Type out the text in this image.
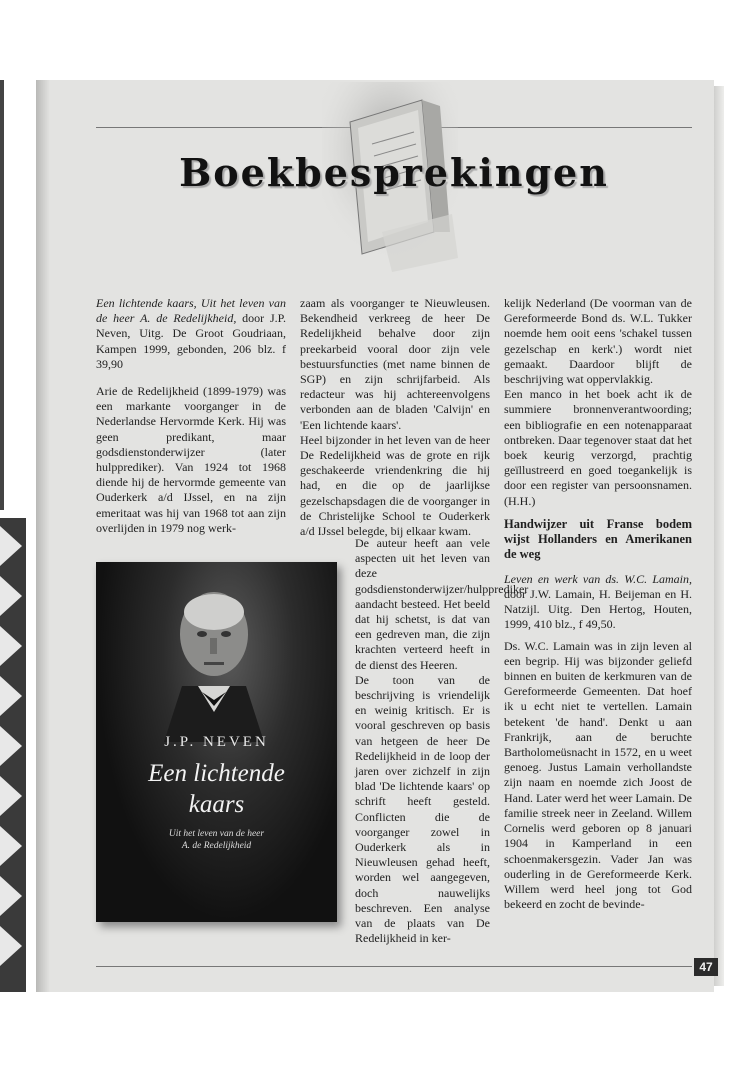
Boekbesprekingen

Een lichtende kaars, Uit het leven van de heer A. de Redelijkheid, door J.P. Neven, Uitg. De Groot Goudriaan, Kampen 1999, gebonden, 206 blz. f 39,90

Arie de Redelijkheid (1899-1979) was een markante voorganger in de Nederlandse Hervormde Kerk. Hij was geen predikant, maar godsdienstonderwijzer (later hulpprediker). Van 1924 tot 1968 diende hij de hervormde gemeente van Ouderkerk a/d IJssel, en na zijn emeritaat was hij van 1968 tot aan zijn overlijden in 1979 nog werk-

zaam als voorganger te Nieuwleusen. Bekendheid verkreeg de heer De Redelijkheid behalve door zijn preekarbeid vooral door zijn vele bestuursfuncties (met name binnen de SGP) en zijn schrijfarbeid. Als redacteur was hij achtereenvolgens verbonden aan de bladen 'Calvijn' en 'Een lichtende kaars'.

Heel bijzonder in het leven van de heer De Redelijkheid was de grote en rijk geschakeerde vriendenkring die hij had, en die op de jaarlijkse gezelschapsdagen die de voorganger in de Christelijke School te Ouderkerk a/d IJssel belegde, bij elkaar kwam.

De auteur heeft aan vele aspecten uit het leven van deze godsdienstonderwijzer/hulpprediker aandacht besteed. Het beeld dat hij schetst, is dat van een gedreven man, die zijn krachten verteerd heeft in de dienst des Heeren.

De toon van de beschrijving is vriendelijk en weinig kritisch. Er is vooral geschreven op basis van hetgeen de heer De Redelijkheid in de loop der jaren over zichzelf in zijn blad 'De lichtende kaars' op schrift heeft gesteld. Conflicten die de voorganger zowel in Ouderkerk als in Nieuwleusen gehad heeft, worden wel aangegeven, doch nauwelijks beschreven. Een analyse van de plaats van De Redelijkheid in ker-

kelijk Nederland (De voorman van de Gereformeerde Bond ds. W.L. Tukker noemde hem ooit eens 'schakel tussen gezelschap en kerk'.) wordt niet gemaakt. Daardoor blijft de beschrijving wat oppervlakkig.

Een manco in het boek acht ik de summiere bronnenverantwoording; een bibliografie en een notenapparaat ontbreken. Daar tegenover staat dat het boek keurig verzorgd, prachtig geïllustreerd en goed toegankelijk is door een register van persoonsnamen. (H.H.)

Handwijzer uit Franse bodem wijst Hollanders en Amerikanen de weg

Leven en werk van ds. W.C. Lamain, door J.W. Lamain, H. Beijeman en H. Natzijl. Uitg. Den Hertog, Houten, 1999, 410 blz., f 49,50.

Ds. W.C. Lamain was in zijn leven al een begrip. Hij was bijzonder geliefd binnen en buiten de kerkmuren van de Gereformeerde Gemeenten. Dat hoef ik u echt niet te vertellen. Lamain betekent 'de hand'. Denkt u aan Frankrijk, aan de beruchte Bartholomeüsnacht in 1572, en u weet genoeg. Justus Lamain verhollandste zijn naam en noemde zich Joost de Hand. Later werd het weer Lamain. De familie streek neer in Zeeland. Willem Cornelis werd geboren op 8 januari 1904 in Kamperland in een schoenmakersgezin. Vader Jan was ouderling in de Gereformeerde Kerk. Willem werd heel jong tot God bekeerd en zocht de bevinde-

J.P. NEVEN
Een lichtende
kaars
Uit het leven van de heer
A. de Redelijkheid
47
